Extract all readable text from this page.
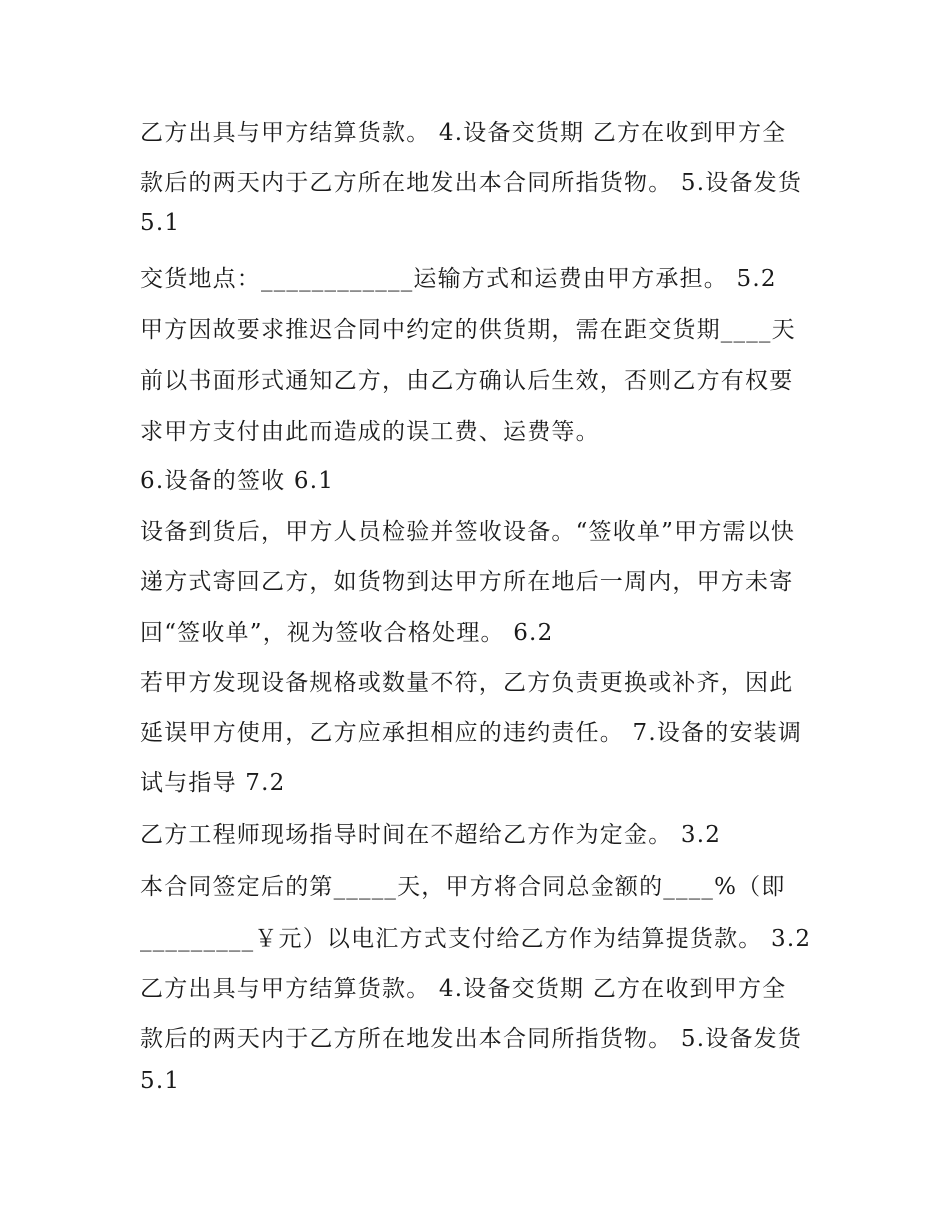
乙方出具与甲方结算货款。 4.设备交货期 乙方在收到甲方全
款后的两天内于乙方所在地发出本合同所指货物。 5.设备发货
5.1
交货地点：____________运输方式和运费由甲方承担。 5.2
甲方因故要求推迟合同中约定的供货期，需在距交货期____天
前以书面形式通知乙方，由乙方确认后生效，否则乙方有权要
求甲方支付由此而造成的误工费、运费等。
6.设备的签收 6.1
设备到货后，甲方人员检验并签收设备。“签收单”甲方需以快
递方式寄回乙方，如货物到达甲方所在地后一周内，甲方未寄
回“签收单”，视为签收合格处理。 6.2
若甲方发现设备规格或数量不符，乙方负责更换或补齐，因此
延误甲方使用，乙方应承担相应的违约责任。 7.设备的安装调
试与指导 7.2
乙方工程师现场指导时间在不超给乙方作为定金。 3.2
本合同签定后的第_____天，甲方将合同总金额的____%（即
_________￥元）以电汇方式支付给乙方作为结算提货款。 3.2
乙方出具与甲方结算货款。 4.设备交货期 乙方在收到甲方全
款后的两天内于乙方所在地发出本合同所指货物。 5.设备发货
5.1
